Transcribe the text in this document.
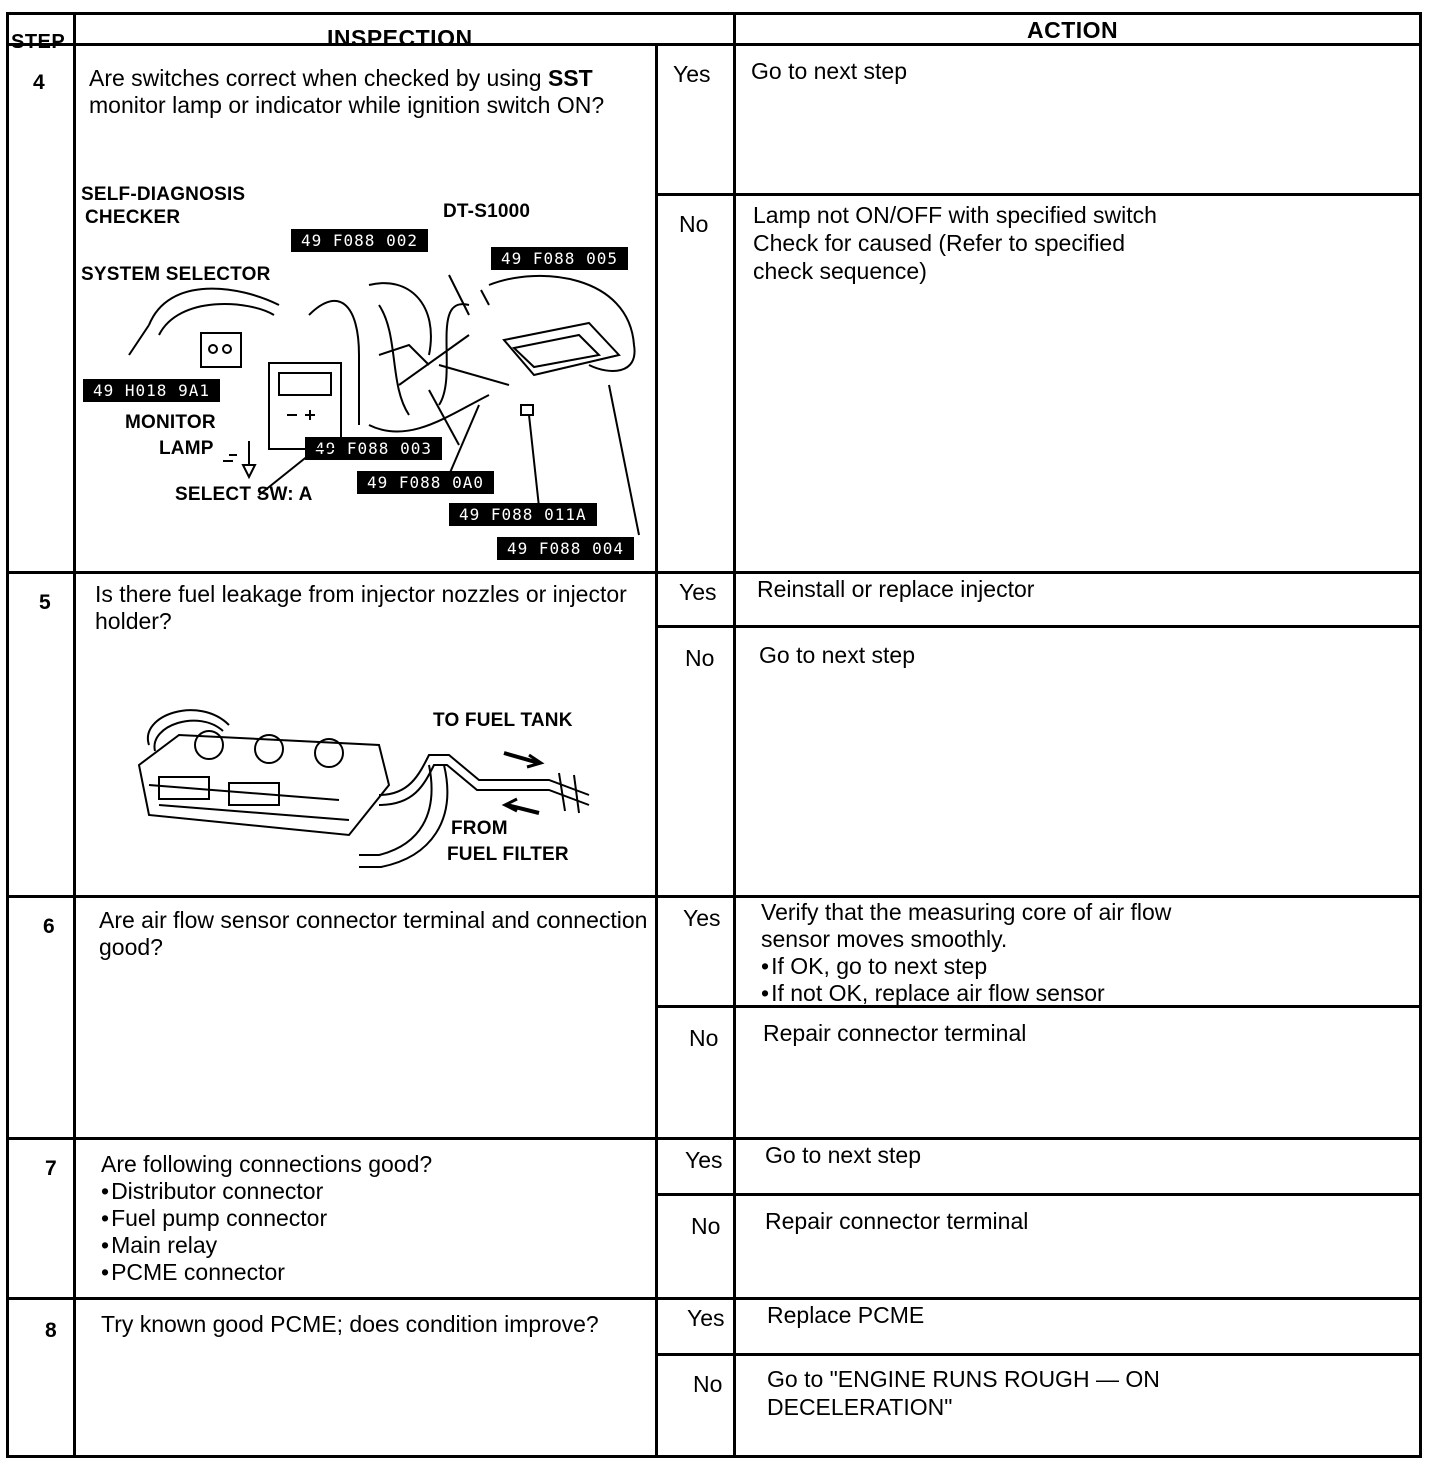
STEP	INSPECTION	ACTION
4 Are switches correct when checked by using SST monitor lamp or indicator while ignition switch ON?
Yes Go to next step
No Lamp not ON/OFF with specified switch
Check for caused (Refer to specified
check sequence)
SELF-DIAGNOSIS
CHECKER	DT-S1000
SYSTEM SELECTOR
MONITOR
LAMP
SELECT SW: A
49 F088 002
49 F088 005
49 H018 9A1
49 F088 003
49 F088 0A0
49 F088 011A
49 F088 004
5 Is there fuel leakage from injector nozzles or injector holder?
Yes Reinstall or replace injector
No Go to next step
TO FUEL TANK
FROM
FUEL FILTER
6 Are air flow sensor connector terminal and connection good?
Yes Verify that the measuring core of air flow
sensor moves smoothly.
• If OK, go to next step
• If not OK, replace air flow sensor
No Repair connector terminal
7 Are following connections good?
• Distributor connector
• Fuel pump connector
• Main relay
• PCME connector
Yes Go to next step
No Repair connector terminal
8 Try known good PCME; does condition improve?	Yes Replace PCME
No Go to "ENGINE RUNS ROUGH — ON
DECELERATION"
